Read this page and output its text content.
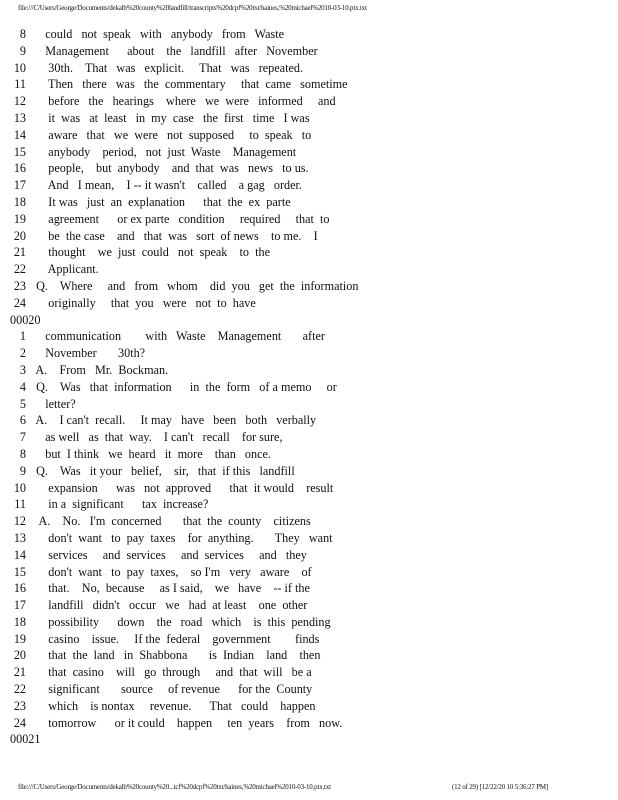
file:///C/Users/George/Documents/dekalb%20county%20landfill/transcripts%20dcpf%20txt/haines,%20michael%2010-03-10.ptx.txt
8 could   not  speak   with   anybody   from   Waste
9 Management      about    the   landfill   after   November
10 30th.    That   was   explicit.     That   was   repeated.
11 Then   there   was   the  commentary     that  came   sometime
12 before   the   hearings    where   we  were   informed     and
13 it  was   at  least   in  my  case   the  first   time   I was
14 aware   that   we  were   not  supposed     to  speak   to
15 anybody    period,   not  just  Waste    Management
16 people,    but  anybody    and  that  was   news   to us.
17 And   I mean,    I -- it wasn't    called    a gag   order.
18 It was   just  an  explanation      that  the  ex  parte
19 agreement      or ex parte   condition     required     that  to
20 be  the case    and   that  was   sort  of news    to me.    I
21 thought    we  just  could   not  speak    to  the
22 Applicant.
23 Q.    Where     and   from   whom    did  you   get  the  information
24 originally     that  you   were   not  to  have
00020
1 communication        with   Waste    Management       after
2 November       30th?
3 A.    From   Mr.  Bockman.
4 Q.    Was   that  information      in  the  form   of a memo     or
5 letter?
6 A.    I can't  recall.     It may   have   been   both   verbally
7 as well   as  that  way.    I can't   recall    for sure,
8 but  I think   we  heard   it  more    than   once.
9 Q.    Was   it your   belief,    sir,   that  if this   landfill
10 expansion      was   not  approved      that  it would    result
11 in a  significant      tax  increase?
12 A.    No.   I'm  concerned       that  the  county    citizens
13 don't  want   to  pay  taxes    for  anything.       They   want
14 services     and  services     and  services     and   they
15 don't  want   to  pay  taxes,    so I'm   very   aware    of
16 that.    No,  because     as I said,    we   have    -- if the
17 landfill   didn't   occur   we   had  at least    one  other
18 possibility      down    the   road   which    is  this  pending
19 casino    issue.     If the  federal    government        finds
20 that  the  land   in  Shabbona       is  Indian    land    then
21 that  casino    will   go  through     and  that  will   be a
22 significant       source     of revenue      for the  County
23 which    is nontax     revenue.      That   could    happen
24 tomorrow      or it could    happen     ten  years    from   now.
00021
file:///C/Users/George/Documents/dekalb%20county%20...tcf%20dcpf%20txt/haines,%20michael%2010-03-10.ptx.txt	(12 of 29) [12/22/20 10 5:36:27 PM]
